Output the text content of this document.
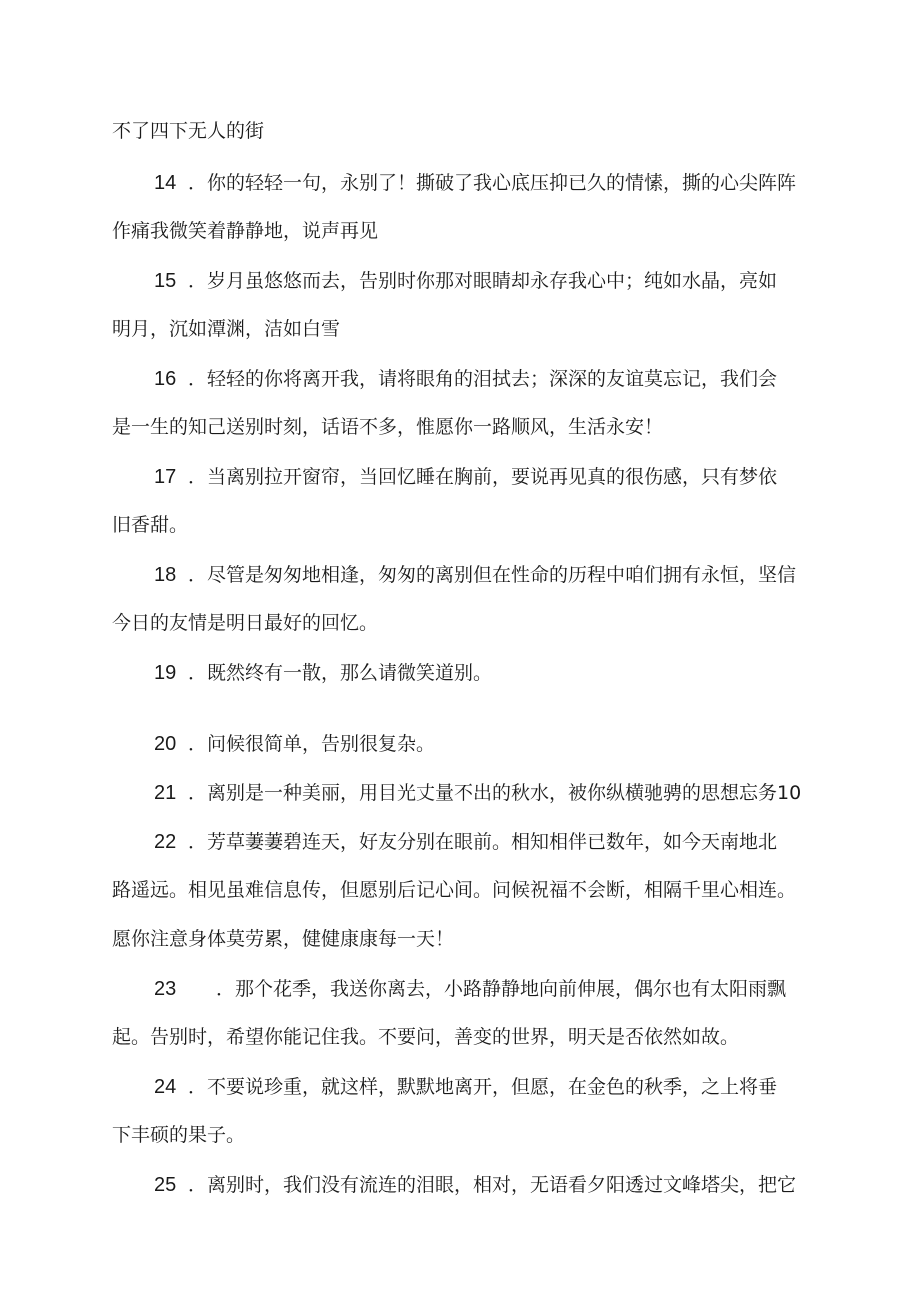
不了四下无人的街
14 ．你的轻轻一句，永别了！撕破了我心底压抑已久的情愫，撕的心尖阵阵
作痛我微笑着静静地，说声再见
15 ．岁月虽悠悠而去，告别时你那对眼睛却永存我心中；纯如水晶，亮如
明月，沉如潭渊，洁如白雪
16 ．轻轻的你将离开我，请将眼角的泪拭去；深深的友谊莫忘记，我们会
是一生的知己送别时刻，话语不多，惟愿你一路顺风，生活永安！
17 ．当离别拉开窗帘，当回忆睡在胸前，要说再见真的很伤感，只有梦依
旧香甜。
18 ．尽管是匆匆地相逢，匆匆的离别但在性命的历程中咱们拥有永恒，坚信
今日的友情是明日最好的回忆。
19 ．既然终有一散，那么请微笑道别。
20 ．问候很简单，告别很复杂。
21 ．离别是一种美丽，用目光丈量不出的秋水，被你纵横驰骋的思想忘务10
22 ．芳草萋萋碧连天，好友分别在眼前。相知相伴已数年，如今天南地北
路遥远。相见虽难信息传，但愿别后记心间。问候祝福不会断，相隔千里心相连。
愿你注意身体莫劳累，健健康康每一天！
23 ．那个花季，我送你离去，小路静静地向前伸展，偶尔也有太阳雨飘
起。告别时，希望你能记住我。不要问，善变的世界，明天是否依然如故。
24 ．不要说珍重，就这样，默默地离开，但愿，在金色的秋季，之上将垂
下丰硕的果子。
25 ．离别时，我们没有流连的泪眼，相对，无语看夕阳透过文峰塔尖，把它
